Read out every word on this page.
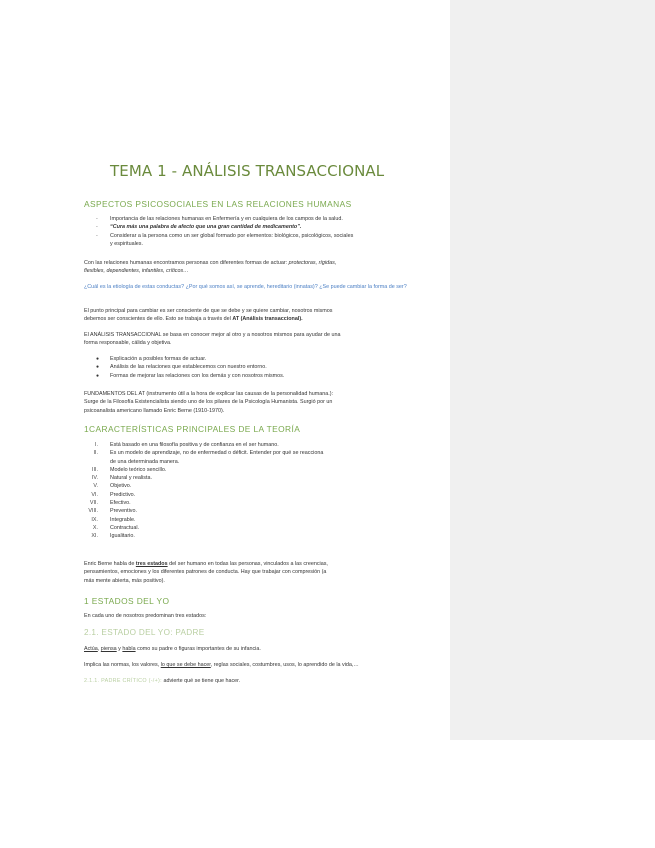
TEMA 1 - ANÁLISIS TRANSACCIONAL
ASPECTOS PSICOSOCIALES EN LAS RELACIONES HUMANAS
- Importancia de las relaciones humanas en Enfermería y en cualquiera de los campos de la salud.
- “Cura más una palabra de afecto que una gran cantidad de medicamento”.
- Considerar a la persona como un ser global formado por elementos: biológicos, psicológicos, sociales
y espirituales.
Con las relaciones humanas encontramos personas con diferentes formas de actuar: protectoras, rígidas,
flexibles, dependientes, infantiles, críticos…
¿Cuál es la etiología de estas conductas? ¿Por qué somos así, se aprende, hereditario (innatas)? ¿Se puede cambiar la forma de ser?
El punto principal para cambiar es ser consciente de que se debe y se quiere cambiar, nosotros mismos
debemos ser conscientes de ello. Esto se trabaja a través del AT (Análisis transaccional).
El ANÁLISIS TRANSACCIONAL se basa en conocer mejor al otro y a nosotros mismos para ayudar de una
forma responsable, cálida y objetiva.
● Explicación a posibles formas de actuar.
● Análisis de las relaciones que establecemos con nuestro entorno.
● Formas de mejorar las relaciones con los demás y con nosotros mismos.
FUNDAMENTOS DEL AT (instrumento útil a la hora de explicar las causas de la personalidad humana.):
Surge de la Filosofía Existencialista siendo uno de los pilares de la Psicología Humanista. Surgió por un
psicoanalista americano llamado Enric Berne (1910-1970).
1CARACTERÍSTICAS PRINCIPALES DE LA TEORÍA
I. Está basado en una filosofía positiva y de confianza en el ser humano.
II. Es un modelo de aprendizaje, no de enfermedad o déficit. Entender por qué se reacciona
de una determinada manera.
III. Modelo teórico sencillo.
IV. Natural y realista.
V. Objetivo.
VI. Predictivo.
VII. Efectivo.
VIII. Preventivo.
IX. Integrable.
X. Contractual.
XI. Igualitario.
Enric Berne habla de tres estados del ser humano en todas las personas, vinculados a las creencias,
pensamientos, emociones y los diferentes patrones de conducta. Hay que trabajar con compresión (a
más mente abierta, más positivo).
1 ESTADOS DEL YO
En cada uno de nosotros predominan tres estados:
2.1. ESTADO DEL YO: PADRE
Actúa, piensa y habla como su padre o figuras importantes de su infancia.
Implica las normas, los valores, lo que se debe hacer, reglas sociales, costumbres, usos, lo aprendido de la vida,…
2.1.1. PADRE CRÍTICO (-/+): advierte qué se tiene que hacer.
